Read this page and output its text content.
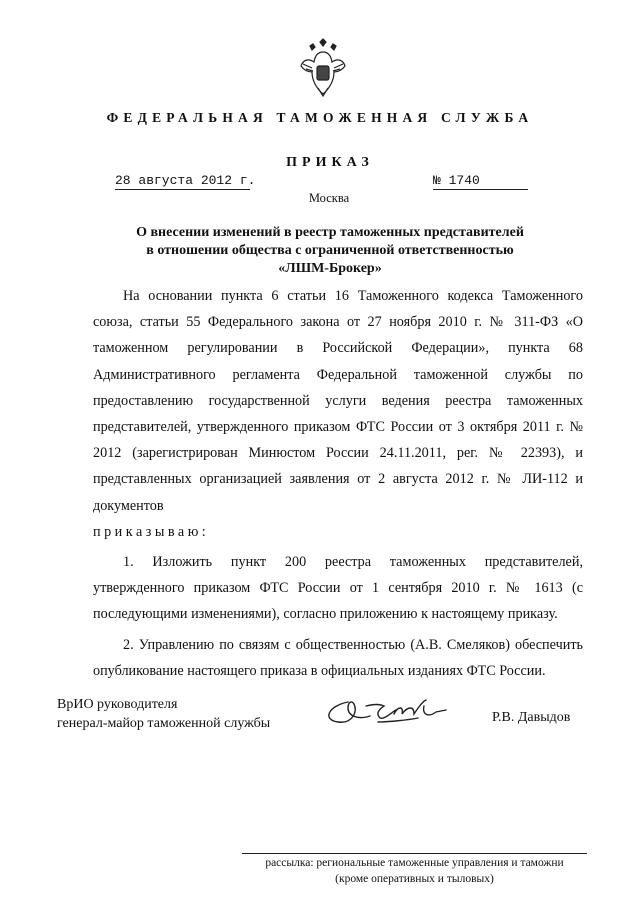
ФЕДЕРАЛЬНАЯ ТАМОЖЕННАЯ СЛУЖБА
ПРИКАЗ
28 августа 2012 г.	№ 1740
Москва
О внесении изменений в реестр таможенных представителей
в отношении общества с ограниченной ответственностью
«ЛШМ-Брокер»

На основании пункта 6 статьи 16 Таможенного кодекса Таможенного союза, статьи 55 Федерального закона от 27 ноября 2010 г. № 311-ФЗ «О таможенном регулировании в Российской Федерации», пункта 68 Административного регламента Федеральной таможенной службы по предоставлению государственной услуги ведения реестра таможенных представителей, утвержденного приказом ФТС России от 3 октября 2011 г. № 2012 (зарегистрирован Минюстом России 24.11.2011, рег. № 22393), и представленных организацией заявления от 2 августа 2012 г. № ЛИ-112 и документов

приказываю:

1. Изложить пункт 200 реестра таможенных представителей, утвержденного приказом ФТС России от 1 сентября 2010 г. № 1613 (с последующими изменениями), согласно приложению к настоящему приказу.

2. Управлению по связям с общественностью (А.В. Смеляков) обеспечить опубликование настоящего приказа в официальных изданиях ФТС России.

ВрИО руководителя
генерал-майор таможенной службы	Р.В. Давыдов
рассылка: региональные таможенные управления и таможни
(кроме оперативных и тыловых)
